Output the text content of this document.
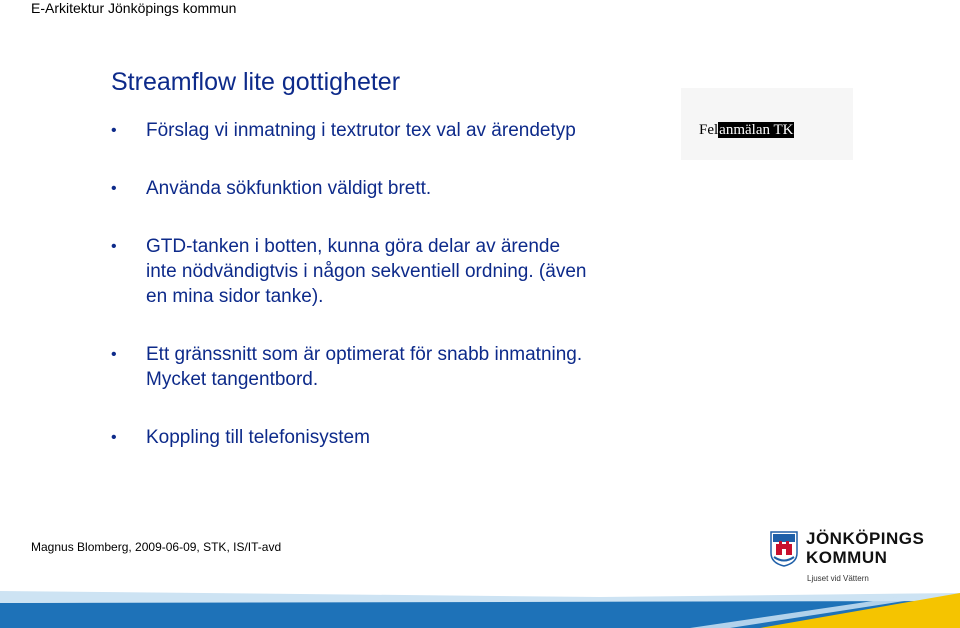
E-Arkitektur Jönköpings kommun
Streamflow lite gottigheter
• Förslag vi inmatning i textrutor tex val av ärendetyp
• Använda sökfunktion väldigt brett.
• GTD-tanken i botten, kunna göra delar av ärende inte nödvändigtvis i någon sekventiell ordning. (även en mina sidor tanke).
• Ett gränssnitt som är optimerat för snabb inmatning. Mycket tangentbord.
• Koppling till telefonisystem
Felanmälan TK
Magnus Blomberg, 2009-06-09, STK, IS/IT-avd	JÖNKÖPINGS
KOMMUN
Ljuset vid Vättern
